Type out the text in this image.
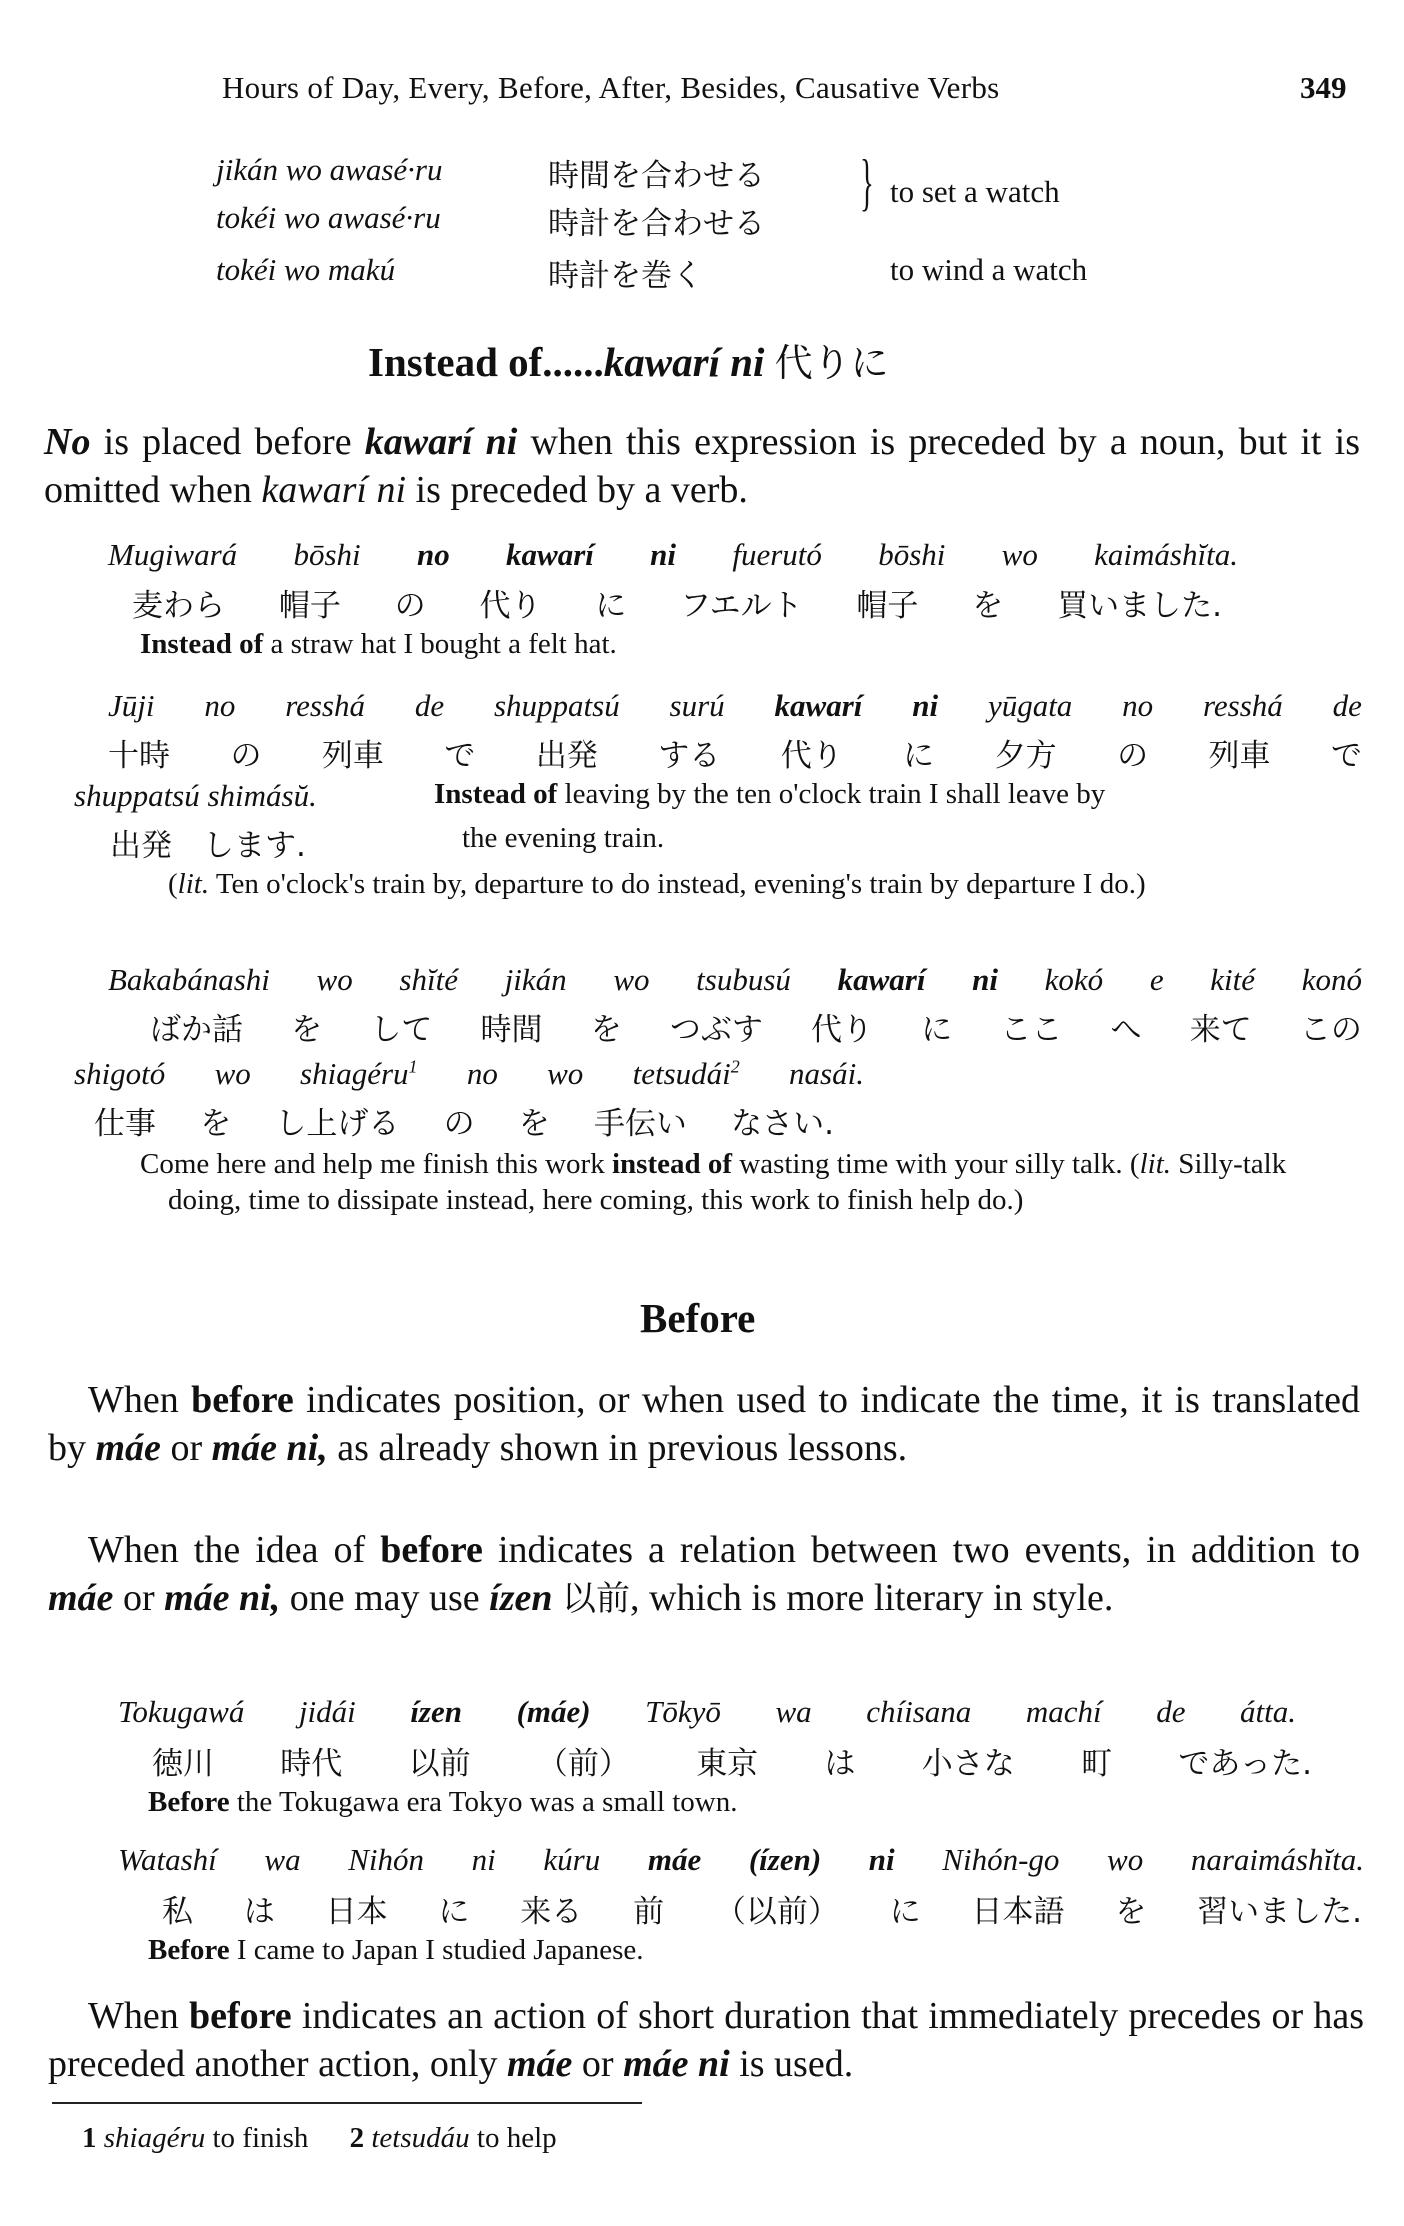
Hours of Day, Every, Before, After, Besides, Causative Verbs	349
jikán wo awasé·ru	時間を合わせる
tokéi wo awasé·ru	時計を合わせる
tokéi wo makú	時計を巻く
} to set a watch
to wind a watch
Instead of......kawarí ni 代りに
No is placed before kawarí ni when this expression is preceded by a noun, but it is omitted when kawarí ni is preceded by a verb.
Mugiwará bōshi no kawarí ni fuerutó bōshi wo kaimáshĭta.
麦わら 帽子 の 代り に フエルト 帽子 を 買いました.
Instead of a straw hat I bought a felt hat.
Jūji no resshá de shuppatsú surú kawarí ni yūgata no resshá de
十時 の 列車 で 出発 する 代り に 夕方 の 列車 で
shuppatsú shimásŭ.
出発　します.
Instead of leaving by the ten o'clock train I shall leave by
the evening train.
(lit. Ten o'clock's train by, departure to do instead, evening's train by departure I do.)
Bakabánashi wo shĭté jikán wo tsubusú kawarí ni kokó e kité konó
ばか話 を して 時間 を つぶす 代り に ここ へ 来て この
shigotó wo shiagéru$^1$ no wo tetsudái$^2$ nasái.
仕事 を し上げる の を 手伝い なさい.
Come here and help me finish this work instead of wasting time with your silly talk. (lit. Silly-talk doing, time to dissipate instead, here coming, this work to finish help do.)
Before
When before indicates position, or when used to indicate the time, it is translated by máe or máe ni, as already shown in previous lessons.
When the idea of before indicates a relation between two events, in addition to máe or máe ni, one may use ízen 以前, which is more literary in style.
Tokugawá jidái ízen (máe) Tōkyō wa chíisana machí de átta.
徳川 時代 以前 （前） 東京 は 小さな 町 であった.
Before the Tokugawa era Tokyo was a small town.
Watashí wa Nihón ni kúru máe (ízen) ni Nihón-go wo naraimáshĭta.
私 は 日本 に 来る 前 （以前） に 日本語 を 習いました.
Before I came to Japan I studied Japanese.
When before indicates an action of short duration that immediately precedes or has preceded another action, only máe or máe ni is used.
1 shiagéru to finish 2 tetsudáu to help
